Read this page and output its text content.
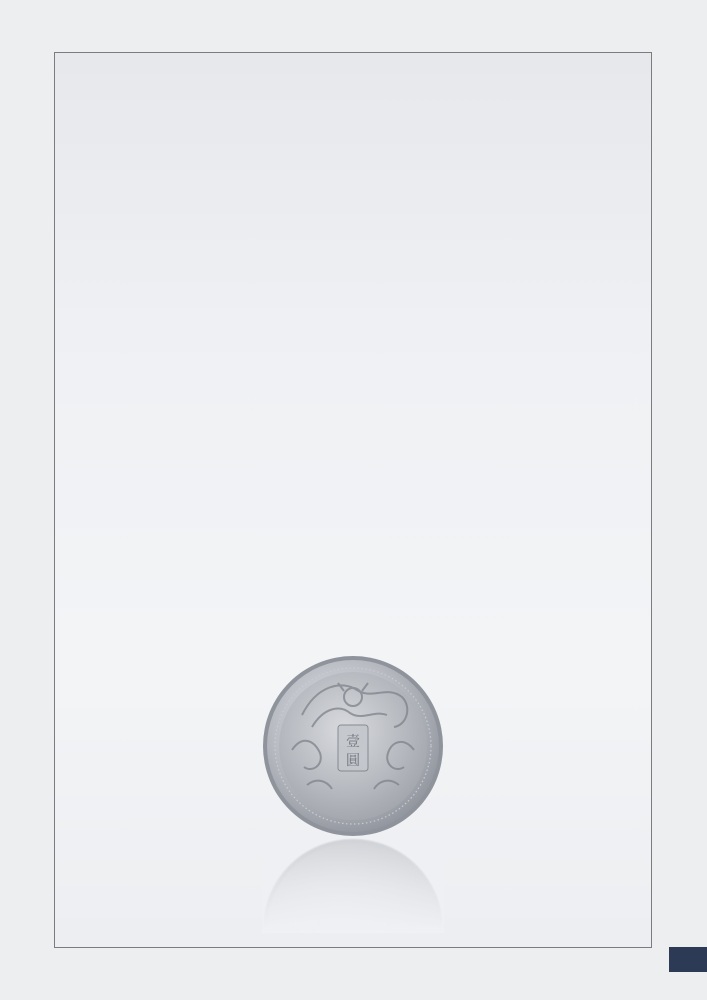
壹
圓
